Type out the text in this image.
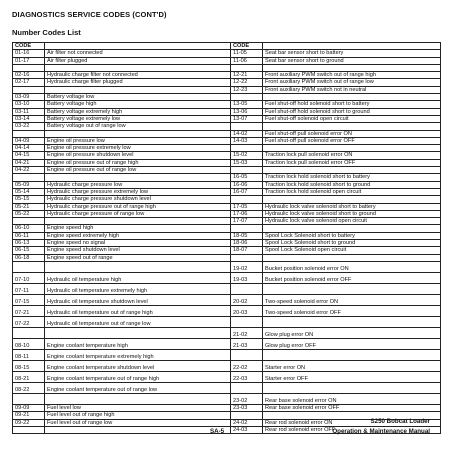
DIAGNOSTICS SERVICE CODES (CONT'D)
Number Codes List
CODE		CODE	
01-16	Air filter not connected	11-05	Seat bar sensor short to battery
01-17	Air filter plugged	11-06	Seat bar sensor short to ground

02-16	Hydraulic charge filter not connected	12-21	Front auxiliary PWM switch out of range high
02-17	Hydraulic charge filter plugged	12-22	Front auxiliary PWM switch out of range low
		12-23	Front auxiliary PWM switch not in neutral
03-09	Battery voltage low		
03-10	Battery voltage high	13-05	Fuel shut-off hold solenoid short to battery
03-11	Battery voltage extremely high	13-06	Fuel shut-off hold solenoid short to ground
03-14	Battery voltage extremely low	13-07	Fuel shut-off solenoid open circuit
03-22	Battery voltage out of range low		
		14-02	Fuel shut-off pull solenoid error ON
04-09	Engine oil pressure low	14-03	Fuel shut-off pull solenoid error OFF
04-14	Engine oil pressure extremely low		
04-15	Engine oil pressure shutdown level	15-02	Traction lock pull solenoid error ON
04-21	Engine oil pressure out of range high	15-03	Traction lock pull solenoid error OFF
04-22	Engine oil pressure out of range low		
		16-05	Traction lock hold solenoid short to battery
05-09	Hydraulic charge pressure low	16-06	Traction lock hold solenoid short to ground
05-14	Hydraulic charge pressure extremely low	16-07	Traction lock hold solenoid open circuit
05-15	Hydraulic charge pressure shutdown level		
05-21	Hydraulic charge pressure out of range high	17-05	Hydraulic lock valve solenoid short to battery
05-22	Hydraulic charge pressure of range low	17-06	Hydraulic lock valve solenoid short to ground
		17-07	Hydraulic lock valve solenoid open circuit
06-10	Engine speed high		
06-11	Engine speed extremely high	18-05	Spool Lock Solenoid short to battery
06-13	Engine speed no signal	18-06	Spool Lock Solenoid short to ground
06-15	Engine speed shutdown level	18-07	Spool Lock Solenoid open circuit
06-18	Engine speed out of range		
		19-02	Bucket position solenoid error ON
07-10	Hydraulic oil temperature high	19-03	Bucket position solenoid error OFF
07-11	Hydraulic oil temperature extremely high		
07-15	Hydraulic oil temperature shutdown level	20-02	Two-speed solenoid error ON
07-21	Hydraulic oil temperature out of range high	20-03	Two-speed solenoid error OFF
07-22	Hydraulic oil temperature out of range low		
		21-02	Glow plug error ON
08-10	Engine coolant temperature high	21-03	Glow plug error OFF
08-11	Engine coolant temperature extremely high		
08-15	Engine coolant temperature shutdown level	22-02	Starter error ON
08-21	Engine coolant temperature out of range high	22-03	Starter error OFF
08-22	Engine coolant temperature out of range low		
		23-02	Rear base solenoid error ON
09-09	Fuel level low	23-03	Rear base solenoid error OFF
09-21	Fuel level out of range high		
09-22	Fuel level out of range low	24-02	Rear rod solenoid error ON
		24-03	Rear rod solenoid error OFF
S250 Bobcat Loader
SA-5	Operation & Maintenance Manual
